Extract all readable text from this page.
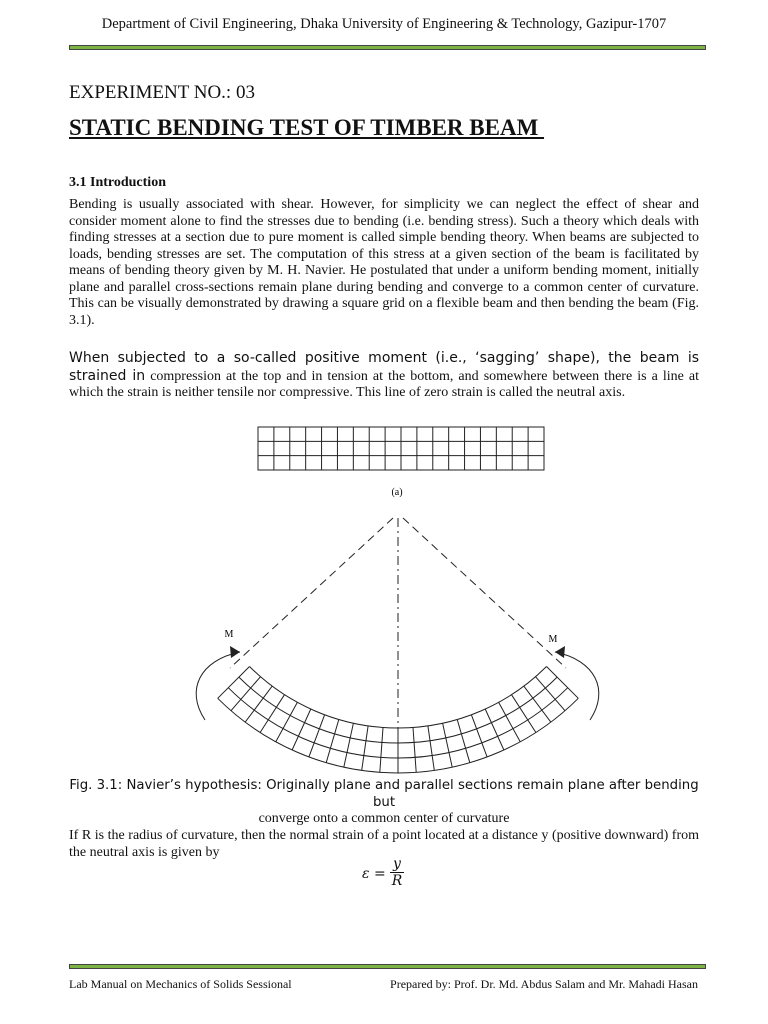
Department of Civil Engineering, Dhaka University of Engineering & Technology, Gazipur-1707
EXPERIMENT NO.: 03
STATIC BENDING TEST OF TIMBER BEAM
3.1 Introduction
Bending is usually associated with shear. However, for simplicity we can neglect the effect of shear and consider moment alone to find the stresses due to bending (i.e. bending stress). Such a theory which deals with finding stresses at a section due to pure moment is called simple bending theory. When beams are subjected to loads, bending stresses are set. The computation of this stress at a given section of the beam is facilitated by means of bending theory given by M. H. Navier. He postulated that under a uniform bending moment, initially plane and parallel cross-sections remain plane during bending and converge to a common center of curvature. This can be visually demonstrated by drawing a square grid on a flexible beam and then bending the beam (Fig. 3.1).
When subjected to a so-called positive moment (i.e., ‘sagging’ shape), the beam is strained in compression at the top and in tension at the bottom, and somewhere between there is a line at which the strain is neither tensile nor compressive. This line of zero strain is called the neutral axis.
(a)
M	M
Fig. 3.1: Navier’s hypothesis: Originally plane and parallel sections remain plane after bending but
converge onto a common center of curvature
If R is the radius of curvature, then the normal strain of a point located at a distance y (positive downward) from the neutral axis is given by
ε =
y
R
Lab Manual on Mechanics of Solids Sessional	Prepared by: Prof. Dr. Md. Abdus Salam and Mr. Mahadi Hasan
